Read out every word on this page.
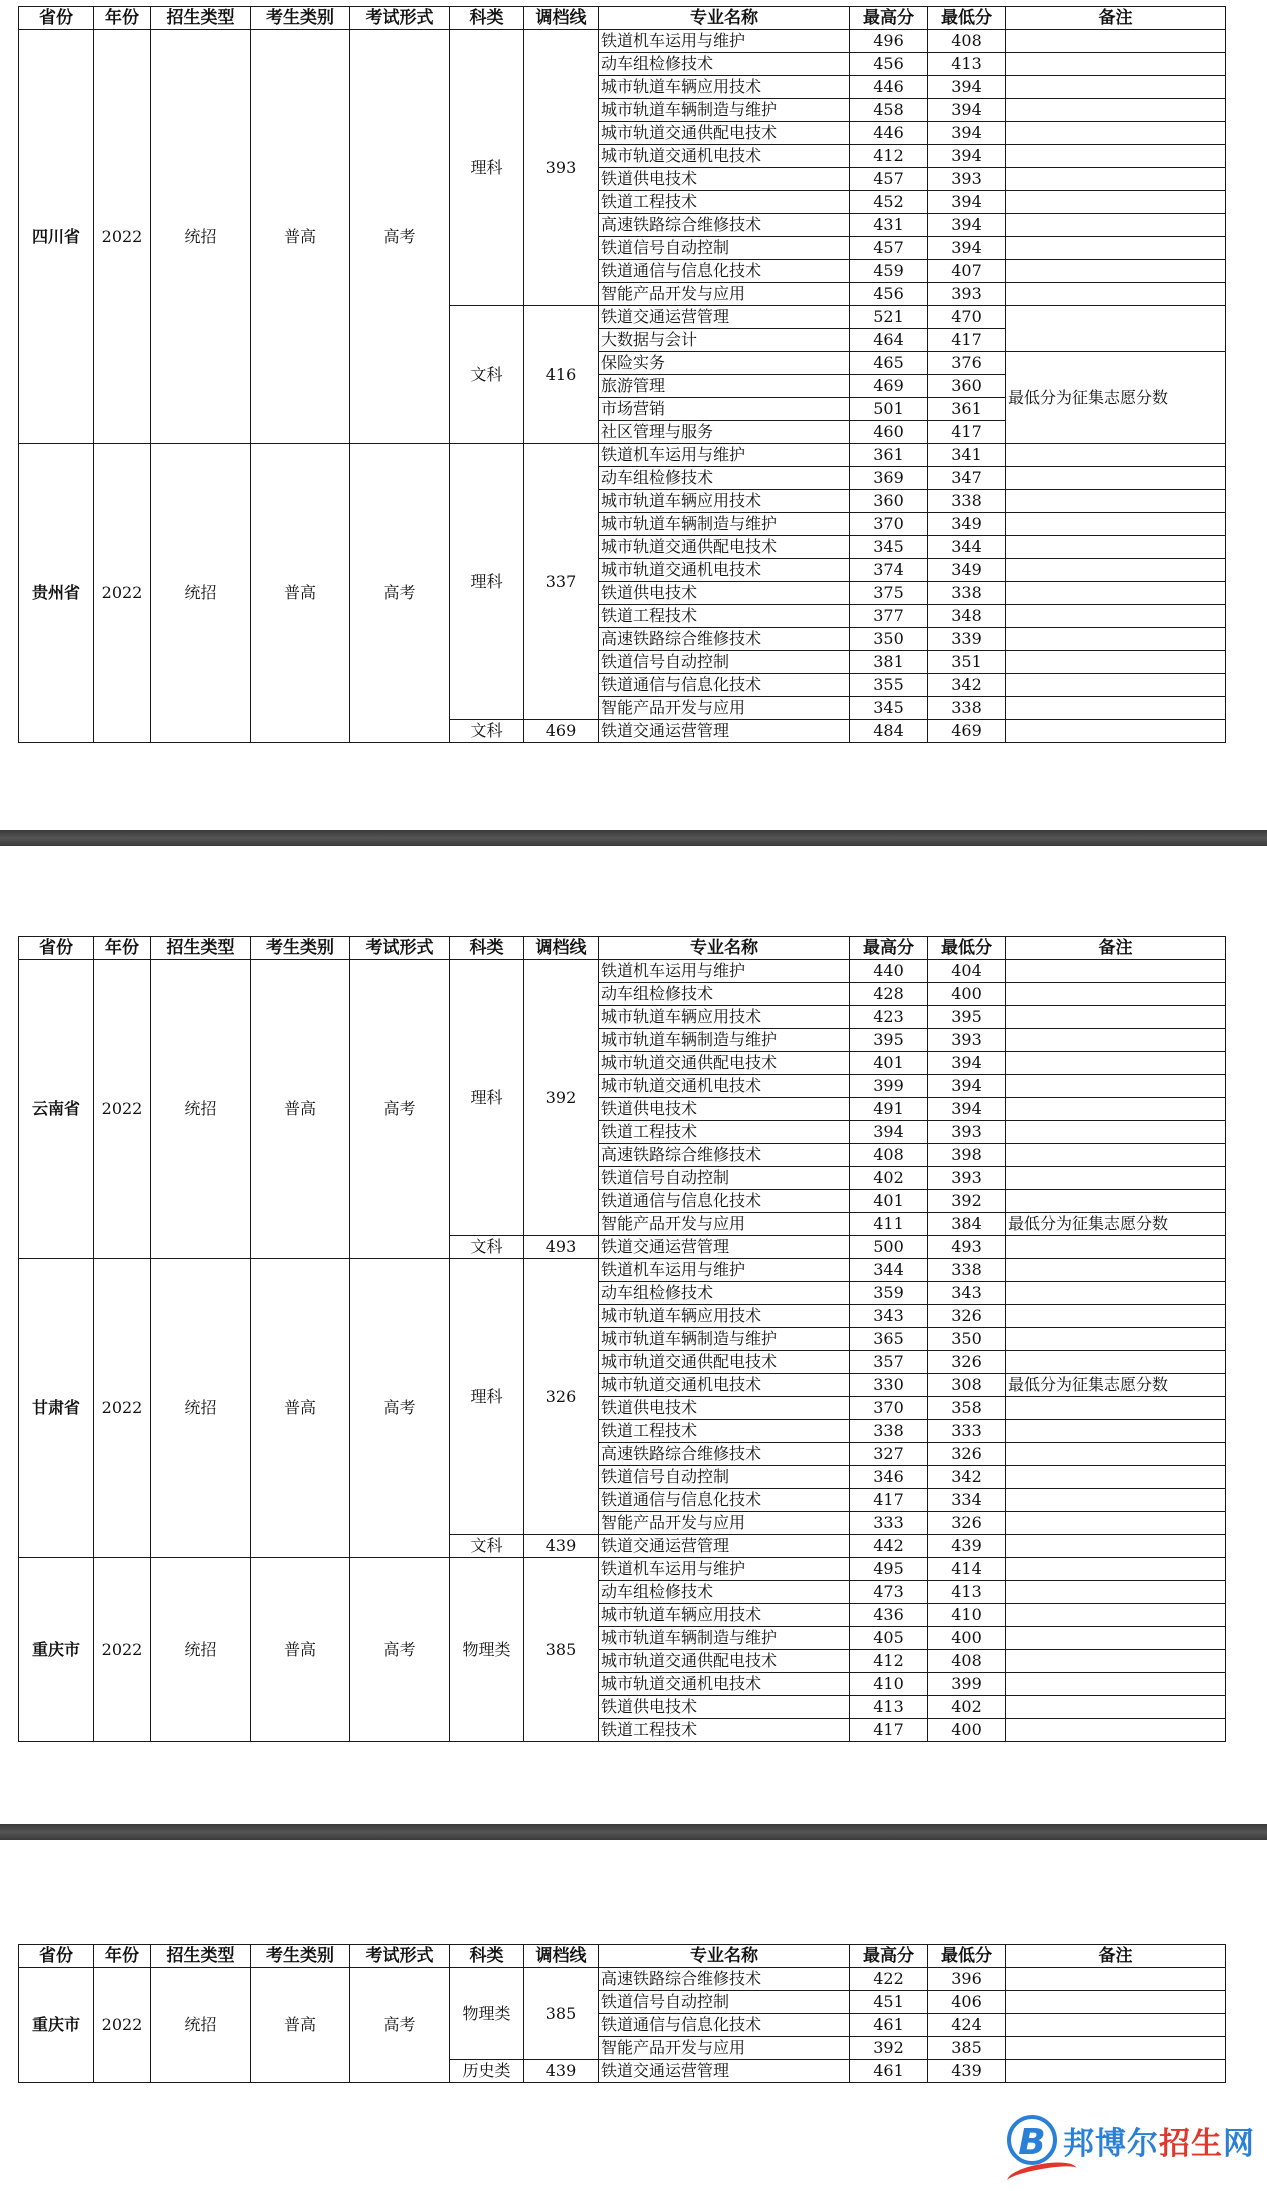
省份	年份	招生类型	考生类别	考试形式	科类	调档线	专业名称	最高分	最低分	备注
四川省	2022	统招	普高	高考	理科	393	铁道机车运用与维护	496	408	
							动车组检修技术	456	413	
							城市轨道车辆应用技术	446	394	
							城市轨道车辆制造与维护	458	394	
							城市轨道交通供配电技术	446	394	
							城市轨道交通机电技术	412	394	
							铁道供电技术	457	393	
							铁道工程技术	452	394	
							高速铁路综合维修技术	431	394	
							铁道信号自动控制	457	394	
							铁道通信与信息化技术	459	407	
							智能产品开发与应用	456	393	
					文科	416	铁道交通运营管理	521	470	
							大数据与会计	464	417	
							保险实务	465	376	最低分为征集志愿分数
							旅游管理	469	360	
							市场营销	501	361	
							社区管理与服务	460	417	
贵州省	2022	统招	普高	高考	理科	337	铁道机车运用与维护	361	341	
							动车组检修技术	369	347	
							城市轨道车辆应用技术	360	338	
							城市轨道车辆制造与维护	370	349	
							城市轨道交通供配电技术	345	344	
							城市轨道交通机电技术	374	349	
							铁道供电技术	375	338	
							铁道工程技术	377	348	
							高速铁路综合维修技术	350	339	
							铁道信号自动控制	381	351	
							铁道通信与信息化技术	355	342	
							智能产品开发与应用	345	338	
					文科	469	铁道交通运营管理	484	469	
省份	年份	招生类型	考生类别	考试形式	科类	调档线	专业名称	最高分	最低分	备注
云南省	2022	统招	普高	高考	理科	392	铁道机车运用与维护	440	404	
							动车组检修技术	428	400	
							城市轨道车辆应用技术	423	395	
							城市轨道车辆制造与维护	395	393	
							城市轨道交通供配电技术	401	394	
							城市轨道交通机电技术	399	394	
							铁道供电技术	491	394	
							铁道工程技术	394	393	
							高速铁路综合维修技术	408	398	
							铁道信号自动控制	402	393	
							铁道通信与信息化技术	401	392	
							智能产品开发与应用	411	384	最低分为征集志愿分数
					文科	493	铁道交通运营管理	500	493	
甘肃省	2022	统招	普高	高考	理科	326	铁道机车运用与维护	344	338	
							动车组检修技术	359	343	
							城市轨道车辆应用技术	343	326	
							城市轨道车辆制造与维护	365	350	
							城市轨道交通供配电技术	357	326	
							城市轨道交通机电技术	330	308	最低分为征集志愿分数
							铁道供电技术	370	358	
							铁道工程技术	338	333	
							高速铁路综合维修技术	327	326	
							铁道信号自动控制	346	342	
							铁道通信与信息化技术	417	334	
							智能产品开发与应用	333	326	
					文科	439	铁道交通运营管理	442	439	
重庆市	2022	统招	普高	高考	物理类	385	铁道机车运用与维护	495	414	
							动车组检修技术	473	413	
							城市轨道车辆应用技术	436	410	
							城市轨道车辆制造与维护	405	400	
							城市轨道交通供配电技术	412	408	
							城市轨道交通机电技术	410	399	
							铁道供电技术	413	402	
							铁道工程技术	417	400	
省份	年份	招生类型	考生类别	考试形式	科类	调档线	专业名称	最高分	最低分	备注
重庆市	2022	统招	普高	高考	物理类	385	高速铁路综合维修技术	422	396	
							铁道信号自动控制	451	406	
							铁道通信与信息化技术	461	424	
							智能产品开发与应用	392	385	
					历史类	439	铁道交通运营管理	461	439	
B 邦博尔招生网
